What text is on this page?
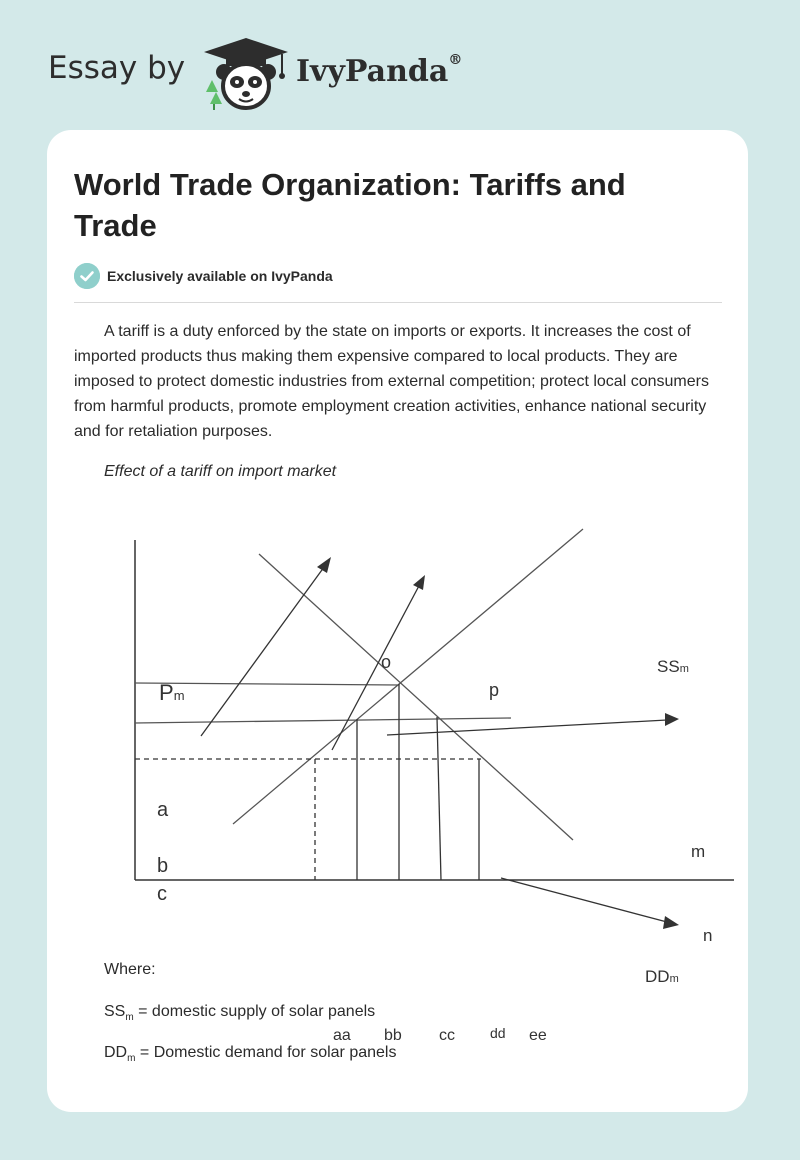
Essay by	IvyPanda®
World Trade Organization: Tariffs and Trade
Exclusively available on IvyPanda

A tariff is a duty enforced by the state on imports or exports. It increases the cost of imported products thus making them expensive compared to local products. They are imposed to protect domestic industries from external competition; protect local consumers from harmful products, promote employment creation activities, enhance national security and for retaliation purposes.

Effect of a tariff on import market

a
b
c
Pm
SSm
DDm
o
p
m
n
aa bb cc	dd ee

Where:

$SS_m$ = domestic supply of solar panels

$DD_m$ = Domestic demand for solar panels
